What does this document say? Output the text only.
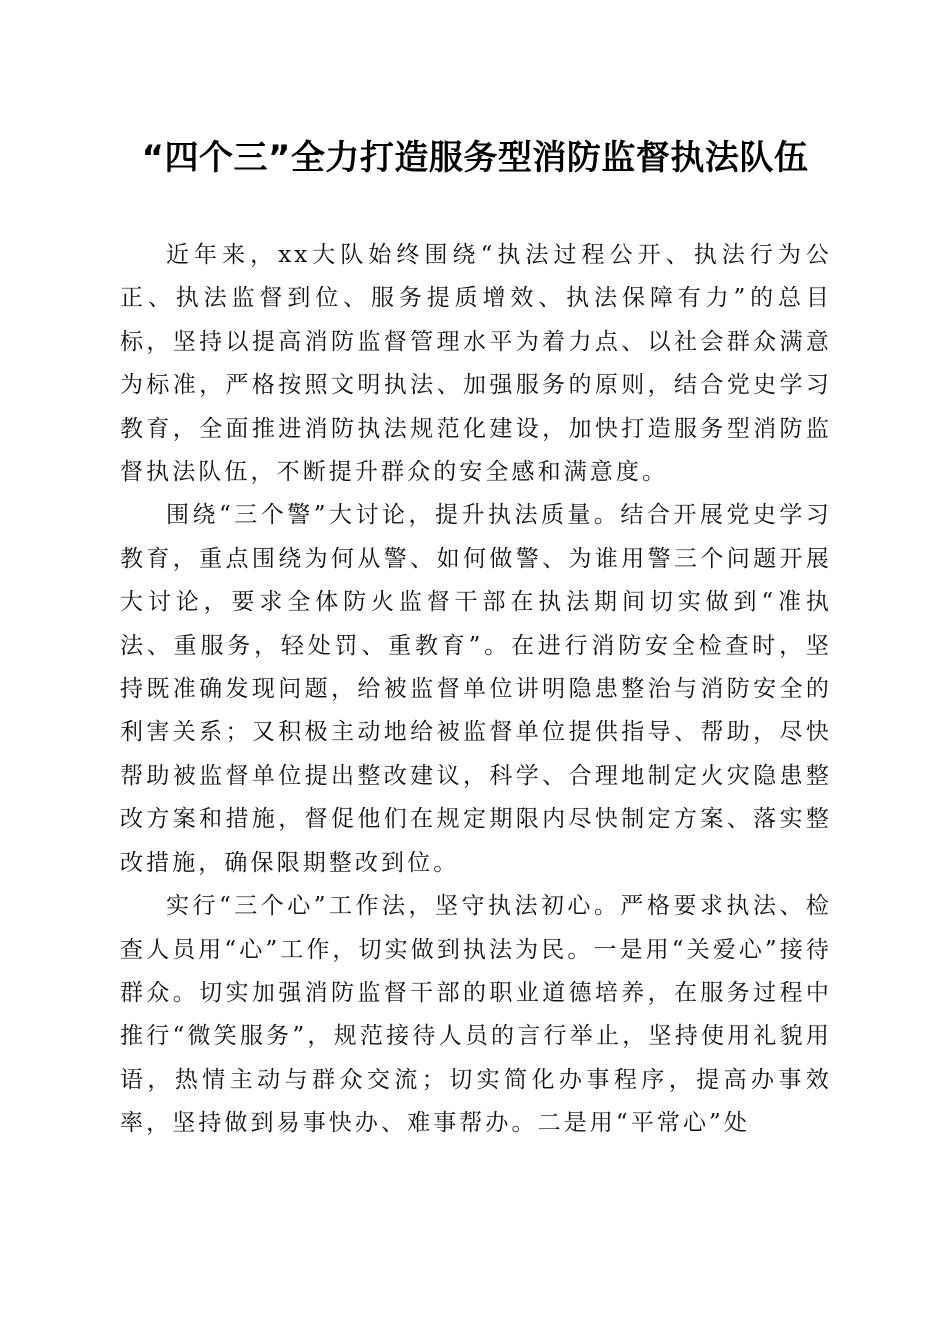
“四个三”全力打造服务型消防监督执法队伍

近年来，xx大队始终围绕“执法过程公开、执法行为公正、执法监督到位、服务提质增效、执法保障有力”的总目标，坚持以提高消防监督管理水平为着力点、以社会群众满意为标准，严格按照文明执法、加强服务的原则，结合党史学习教育，全面推进消防执法规范化建设，加快打造服务型消防监督执法队伍，不断提升群众的安全感和满意度。

围绕“三个警”大讨论，提升执法质量。结合开展党史学习教育，重点围绕为何从警、如何做警、为谁用警三个问题开展大讨论，要求全体防火监督干部在执法期间切实做到“准执法、重服务，轻处罚、重教育”。在进行消防安全检查时，坚持既准确发现问题，给被监督单位讲明隐患整治与消防安全的利害关系；又积极主动地给被监督单位提供指导、帮助，尽快帮助被监督单位提出整改建议，科学、合理地制定火灾隐患整改方案和措施，督促他们在规定期限内尽快制定方案、落实整改措施，确保限期整改到位。

实行“三个心”工作法，坚守执法初心。严格要求执法、检查人员用“心”工作，切实做到执法为民。一是用“关爱心”接待群众。切实加强消防监督干部的职业道德培养，在服务过程中推行“微笑服务”，规范接待人员的言行举止，坚持使用礼貌用语，热情主动与群众交流；切实简化办事程序，提高办事效率，坚持做到易事快办、难事帮办。二是用“平常心”处
